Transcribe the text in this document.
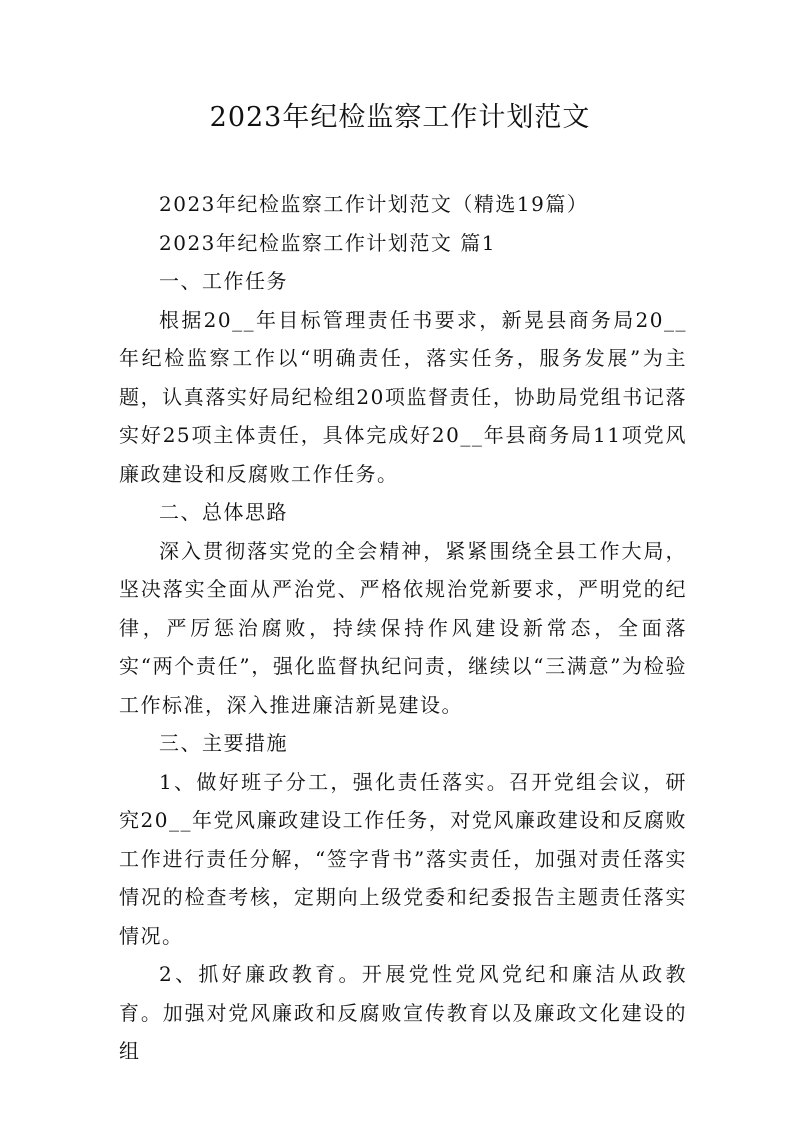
2023年纪检监察工作计划范文

2023年纪检监察工作计划范文（精选19篇）

2023年纪检监察工作计划范文 篇1

一、工作任务

根据20__年目标管理责任书要求，新晃县商务局20__年纪检监察工作以“明确责任，落实任务，服务发展”为主题，认真落实好局纪检组20项监督责任，协助局党组书记落实好25项主体责任，具体完成好20__年县商务局11项党风廉政建设和反腐败工作任务。

二、总体思路

深入贯彻落实党的全会精神，紧紧围绕全县工作大局，坚决落实全面从严治党、严格依规治党新要求，严明党的纪律，严厉惩治腐败，持续保持作风建设新常态，全面落实“两个责任”，强化监督执纪问责，继续以“三满意”为检验工作标准，深入推进廉洁新晃建设。

三、主要措施

1、做好班子分工，强化责任落实。召开党组会议，研究20__年党风廉政建设工作任务，对党风廉政建设和反腐败工作进行责任分解，“签字背书”落实责任，加强对责任落实情况的检查考核，定期向上级党委和纪委报告主题责任落实情况。

2、抓好廉政教育。开展党性党风党纪和廉洁从政教育。加强对党风廉政和反腐败宣传教育以及廉政文化建设的组
